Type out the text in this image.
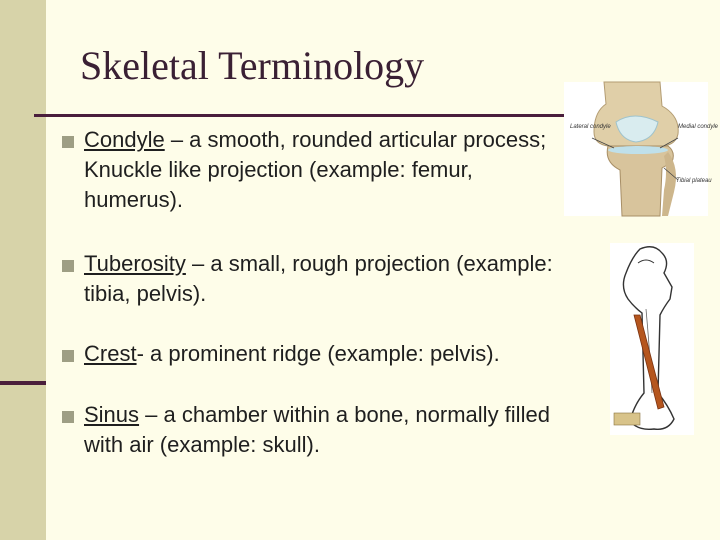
Skeletal Terminology
Condyle – a smooth, rounded articular process; Knuckle like projection (example: femur, humerus).
Tuberosity – a small, rough projection (example: tibia, pelvis).
Crest- a prominent ridge (example: pelvis).
Sinus – a chamber within a bone, normally filled with air (example: skull).
Lateral condyle	Medial condyle
Tibial plateau
